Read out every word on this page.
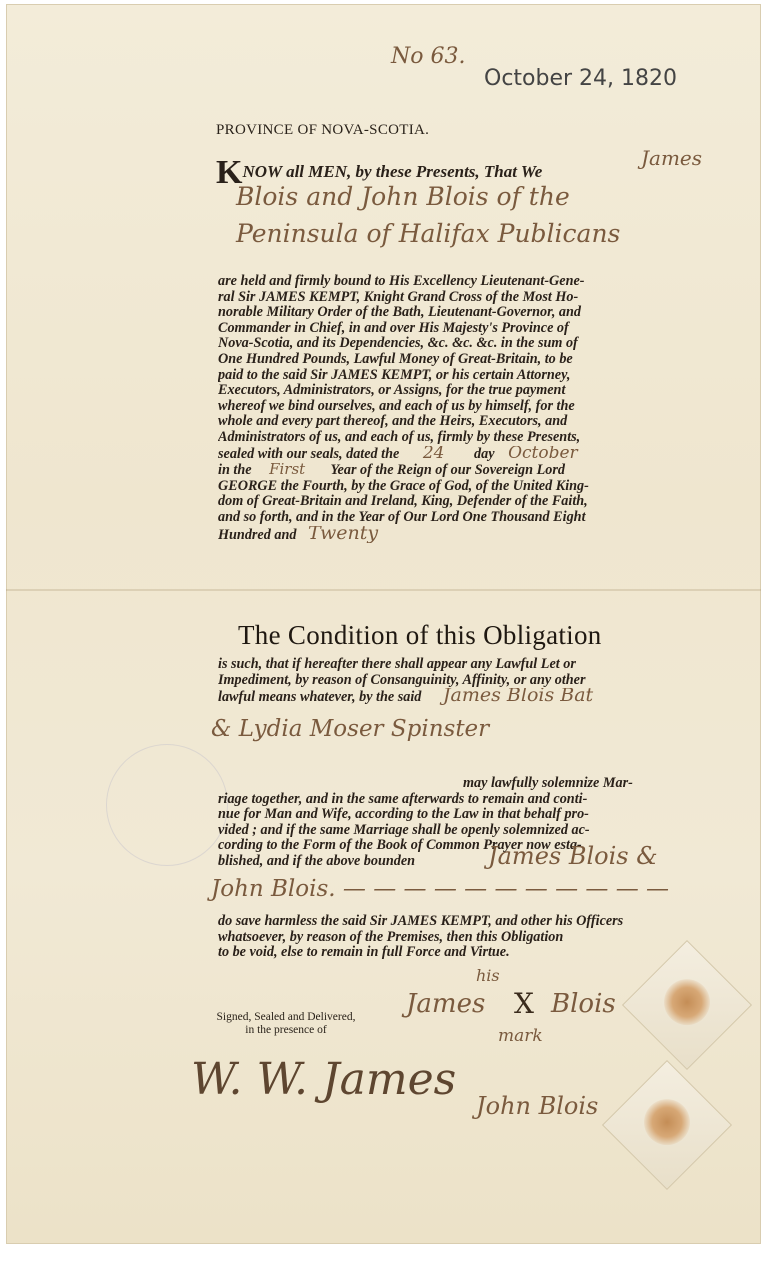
No 63.
October 24, 1820
PROVINCE OF NOVA-SCOTIA.
KNOW all MEN, by these Presents, That We
James
Blois and John Blois of the
Peninsula of Halifax Publicans
are held and firmly bound to His Excellency Lieutenant-Gene-
ral Sir JAMES KEMPT, Knight Grand Cross of the Most Ho-
norable Military Order of the Bath, Lieutenant-Governor, and
Commander in Chief, in and over His Majesty's Province of
Nova-Scotia, and its Dependencies, &c. &c. &c. in the sum of
One Hundred Pounds, Lawful Money of Great-Britain, to be
paid to the said Sir JAMES KEMPT, or his certain Attorney,
Executors, Administrators, or Assigns, for the true payment
whereof we bind ourselves, and each of us by himself, for the
whole and every part thereof, and the Heirs, Executors, and
Administrators of us, and each of us, firmly by these Presents,
sealed with our seals, dated the 24 day October
in the First Year of the Reign of our Sovereign Lord
GEORGE the Fourth, by the Grace of God, of the United King-
dom of Great-Britain and Ireland, King, Defender of the Faith,
and so forth, and in the Year of Our Lord One Thousand Eight
Hundred and Twenty
The Condition of this Obligation
is such, that if hereafter there shall appear any Lawful Let or
Impediment, by reason of Consanguinity, Affinity, or any other
lawful means whatever, by the said James Blois Bat
& Lydia Moser Spinster
may lawfully solemnize Mar-
riage together, and in the same afterwards to remain and conti-
nue for Man and Wife, according to the Law in that behalf pro-
vided ; and if the same Marriage shall be openly solemnized ac-
cording to the Form of the Book of Common Prayer now esta-
blished, and if the above bounden	James Blois &
John Blois. — — — — — — — — — — —
do save harmless the said Sir JAMES KEMPT, and other his Officers
whatsoever, by reason of the Premises, then this Obligation
to be void, else to remain in full Force and Virtue.
Signed, Sealed and Delivered,
in the presence of
W. W. James
his
James X Blois
mark
John Blois
